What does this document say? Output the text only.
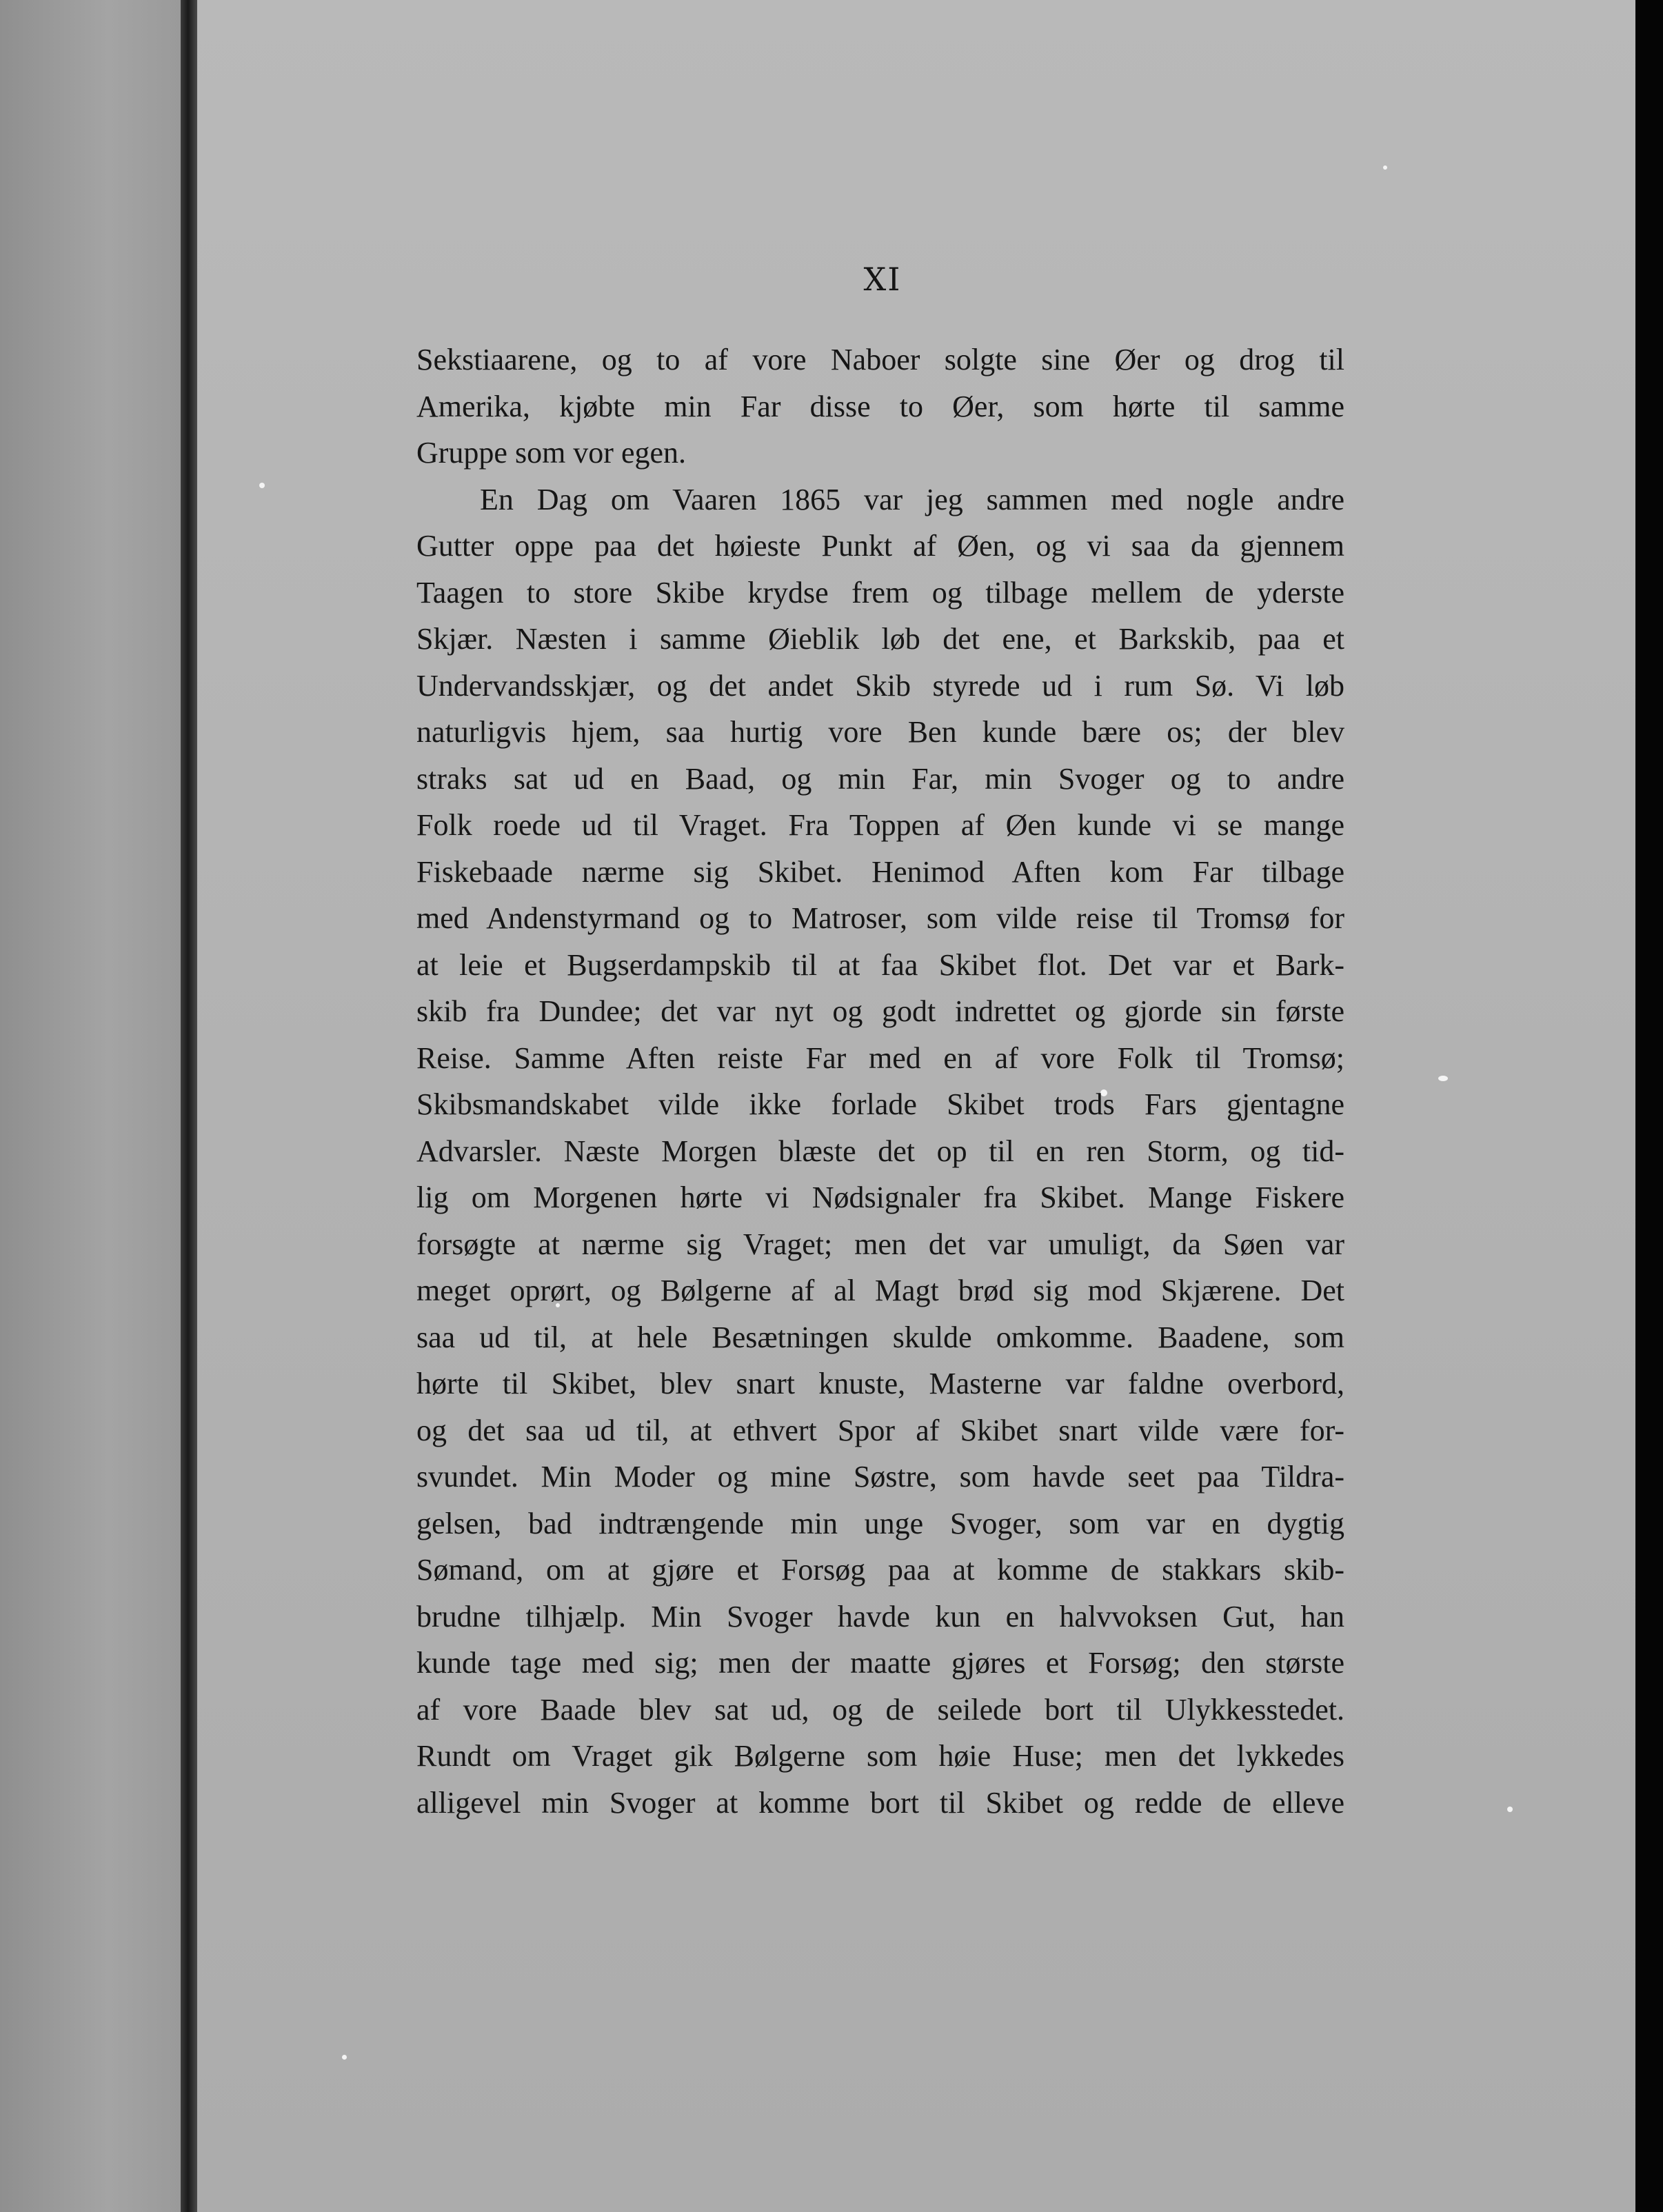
XI
Sekstiaarene, og to af vore Naboer solgte sine Øer og drog til
Amerika, kjøbte min Far disse to Øer, som hørte til samme
Gruppe som vor egen.
En Dag om Vaaren 1865 var jeg sammen med nogle andre
Gutter oppe paa det høieste Punkt af Øen, og vi saa da gjennem
Taagen to store Skibe krydse frem og tilbage mellem de yderste
Skjær. Næsten i samme Øieblik løb det ene, et Barkskib, paa et
Undervandsskjær, og det andet Skib styrede ud i rum Sø. Vi løb
naturligvis hjem, saa hurtig vore Ben kunde bære os; der blev
straks sat ud en Baad, og min Far, min Svoger og to andre
Folk roede ud til Vraget. Fra Toppen af Øen kunde vi se mange
Fiskebaade nærme sig Skibet. Henimod Aften kom Far tilbage
med Andenstyrmand og to Matroser, som vilde reise til Tromsø for
at leie et Bugserdampskib til at faa Skibet flot. Det var et Bark-
skib fra Dundee; det var nyt og godt indrettet og gjorde sin første
Reise. Samme Aften reiste Far med en af vore Folk til Tromsø;
Skibsmandskabet vilde ikke forlade Skibet trods Fars gjentagne
Advarsler. Næste Morgen blæste det op til en ren Storm, og tid-
lig om Morgenen hørte vi Nødsignaler fra Skibet. Mange Fiskere
forsøgte at nærme sig Vraget; men det var umuligt, da Søen var
meget oprørt, og Bølgerne af al Magt brød sig mod Skjærene. Det
saa ud til, at hele Besætningen skulde omkomme. Baadene, som
hørte til Skibet, blev snart knuste, Masterne var faldne overbord,
og det saa ud til, at ethvert Spor af Skibet snart vilde være for-
svundet. Min Moder og mine Søstre, som havde seet paa Tildra-
gelsen, bad indtrængende min unge Svoger, som var en dygtig
Sømand, om at gjøre et Forsøg paa at komme de stakkars skib-
brudne tilhjælp. Min Svoger havde kun en halvvoksen Gut, han
kunde tage med sig; men der maatte gjøres et Forsøg; den største
af vore Baade blev sat ud, og de seilede bort til Ulykkesstedet.
Rundt om Vraget gik Bølgerne som høie Huse; men det lykkedes
alligevel min Svoger at komme bort til Skibet og redde de elleve
